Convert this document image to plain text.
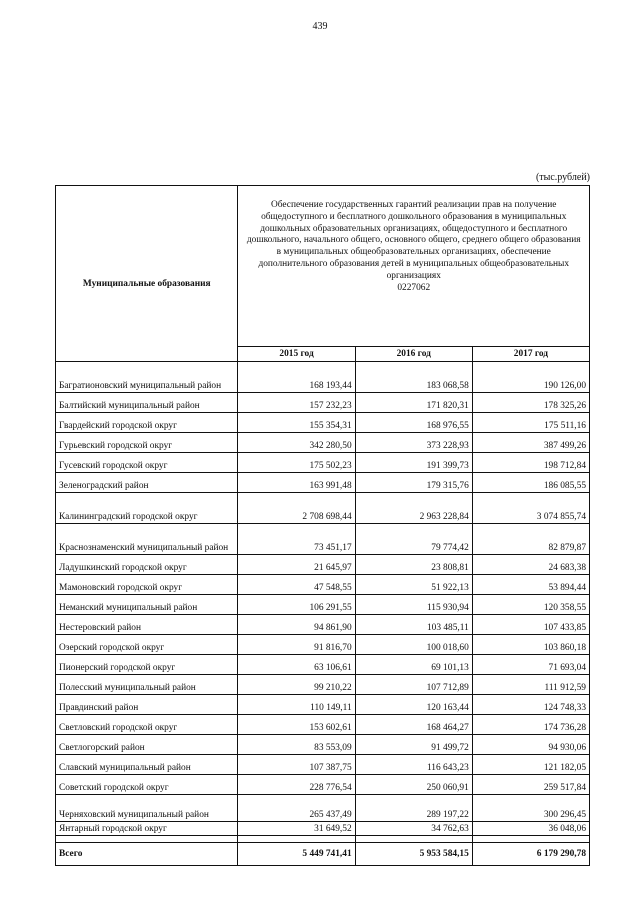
439
(тыс.рублей)
Муниципальные образования	Обеспечение государственных гарантий реализации прав на получение общедоступного и бесплатного дошкольного образования в муниципальных дошкольных образовательных организациях, общедоступного и бесплатного дошкольного, начального общего, основного общего, среднего общего образования в муниципальных общеобразовательных организациях, обеспечение дополнительного образования детей в муниципальных общеобразовательных организациях
0227062		
	2015 год	2016 год	2017 год
Багратионовский муниципальный район	168 193,44	183 068,58	190 126,00
Балтийский муниципальный район	157 232,23	171 820,31	178 325,26
Гвардейский городской округ	155 354,31	168 976,55	175 511,16
Гурьевский городской округ	342 280,50	373 228,93	387 499,26
Гусевский городской округ	175 502,23	191 399,73	198 712,84
Зеленоградский район	163 991,48	179 315,76	186 085,55
Калининградский городской округ	2 708 698,44	2 963 228,84	3 074 855,74
Краснознаменский муниципальный район	73 451,17	79 774,42	82 879,87
Ладушкинский городской округ	21 645,97	23 808,81	24 683,38
Мамоновский городской округ	47 548,55	51 922,13	53 894,44
Неманский муниципальный район	106 291,55	115 930,94	120 358,55
Нестеровский район	94 861,90	103 485,11	107 433,85
Озерский городской округ	91 816,70	100 018,60	103 860,18
Пионерский городской округ	63 106,61	69 101,13	71 693,04
Полесский муниципальный район	99 210,22	107 712,89	111 912,59
Правдинский район	110 149,11	120 163,44	124 748,33
Светловский городской округ	153 602,61	168 464,27	174 736,28
Светлогорский район	83 553,09	91 499,72	94 930,06
Славский муниципальный район	107 387,75	116 643,23	121 182,05
Советский городской округ	228 776,54	250 060,91	259 517,84
Черняховский муниципальный район	265 437,49	289 197,22	300 296,45
Янтарный городской округ	31 649,52	34 762,63	36 048,06

Всего	5 449 741,41	5 953 584,15	6 179 290,78
